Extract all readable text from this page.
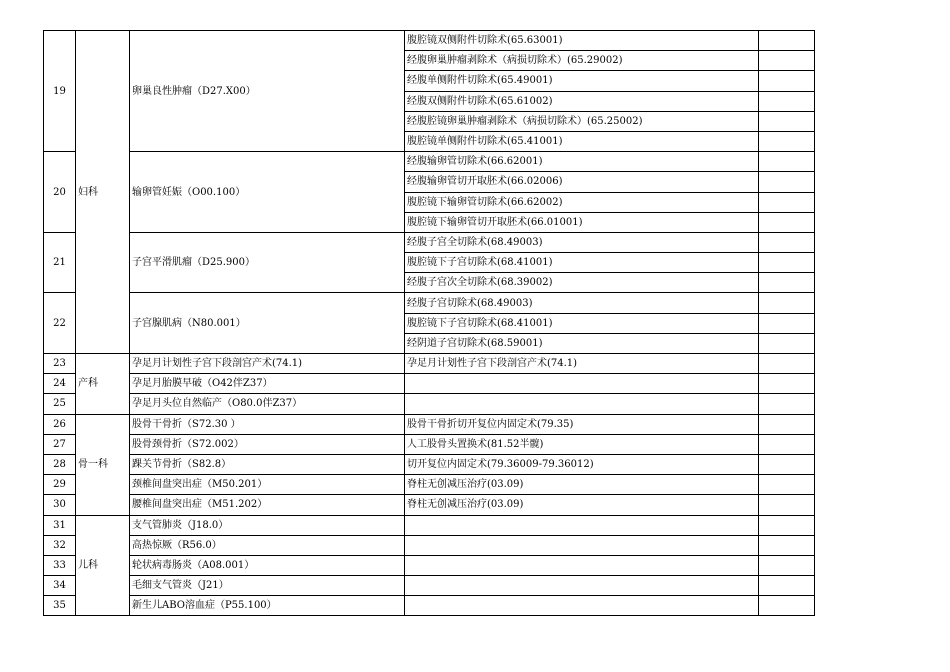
19	妇科	卵巢良性肿瘤（D27.X00）	腹腔镜双侧附件切除术(65.63001)	
			经腹卵巢肿瘤剥除术（病损切除术）(65.29002)	
			经腹单侧附件切除术(65.49001)	
			经腹双侧附件切除术(65.61002)	
			经腹腔镜卵巢肿瘤剥除术（病损切除术）(65.25002)	
			腹腔镜单侧附件切除术(65.41001)	
20		输卵管妊娠（O00.100）	经腹输卵管切除术(66.62001)	
			经腹输卵管切开取胚术(66.02006)	
			腹腔镜下输卵管切除术(66.62002)	
			腹腔镜下输卵管切开取胚术(66.01001)	
21		子宫平滑肌瘤（D25.900）	经腹子宫全切除术(68.49003)	
			腹腔镜下子宫切除术(68.41001)	
			经腹子宫次全切除术(68.39002)	
22		子宫腺肌病（N80.001）	经腹子宫切除术(68.49003)	
			腹腔镜下子宫切除术(68.41001)	
			经阴道子宫切除术(68.59001)	
23	产科	孕足月计划性子宫下段剖宫产术(74.1)	孕足月计划性子宫下段剖宫产术(74.1)	
24		孕足月胎膜早破（O42伴Z37）		
25		孕足月头位自然临产（O80.0伴Z37）		
26	骨一科	股骨干骨折（S72.30 ）	股骨干骨折切开复位内固定术(79.35)	
27		股骨颈骨折（S72.002）	人工股骨头置换术(81.52半髋)	
28		踝关节骨折（S82.8）	切开复位内固定术(79.36009-79.36012)	
29		颈椎间盘突出症（M50.201）	脊柱无创减压治疗(03.09)	
30		腰椎间盘突出症（M51.202）	脊柱无创减压治疗(03.09)	
31	儿科	支气管肺炎（J18.0）		
32		高热惊厥（R56.0）		
33		轮状病毒肠炎（A08.001）		
34		毛细支气管炎（J21）		
35		新生儿ABO溶血症（P55.100）		
